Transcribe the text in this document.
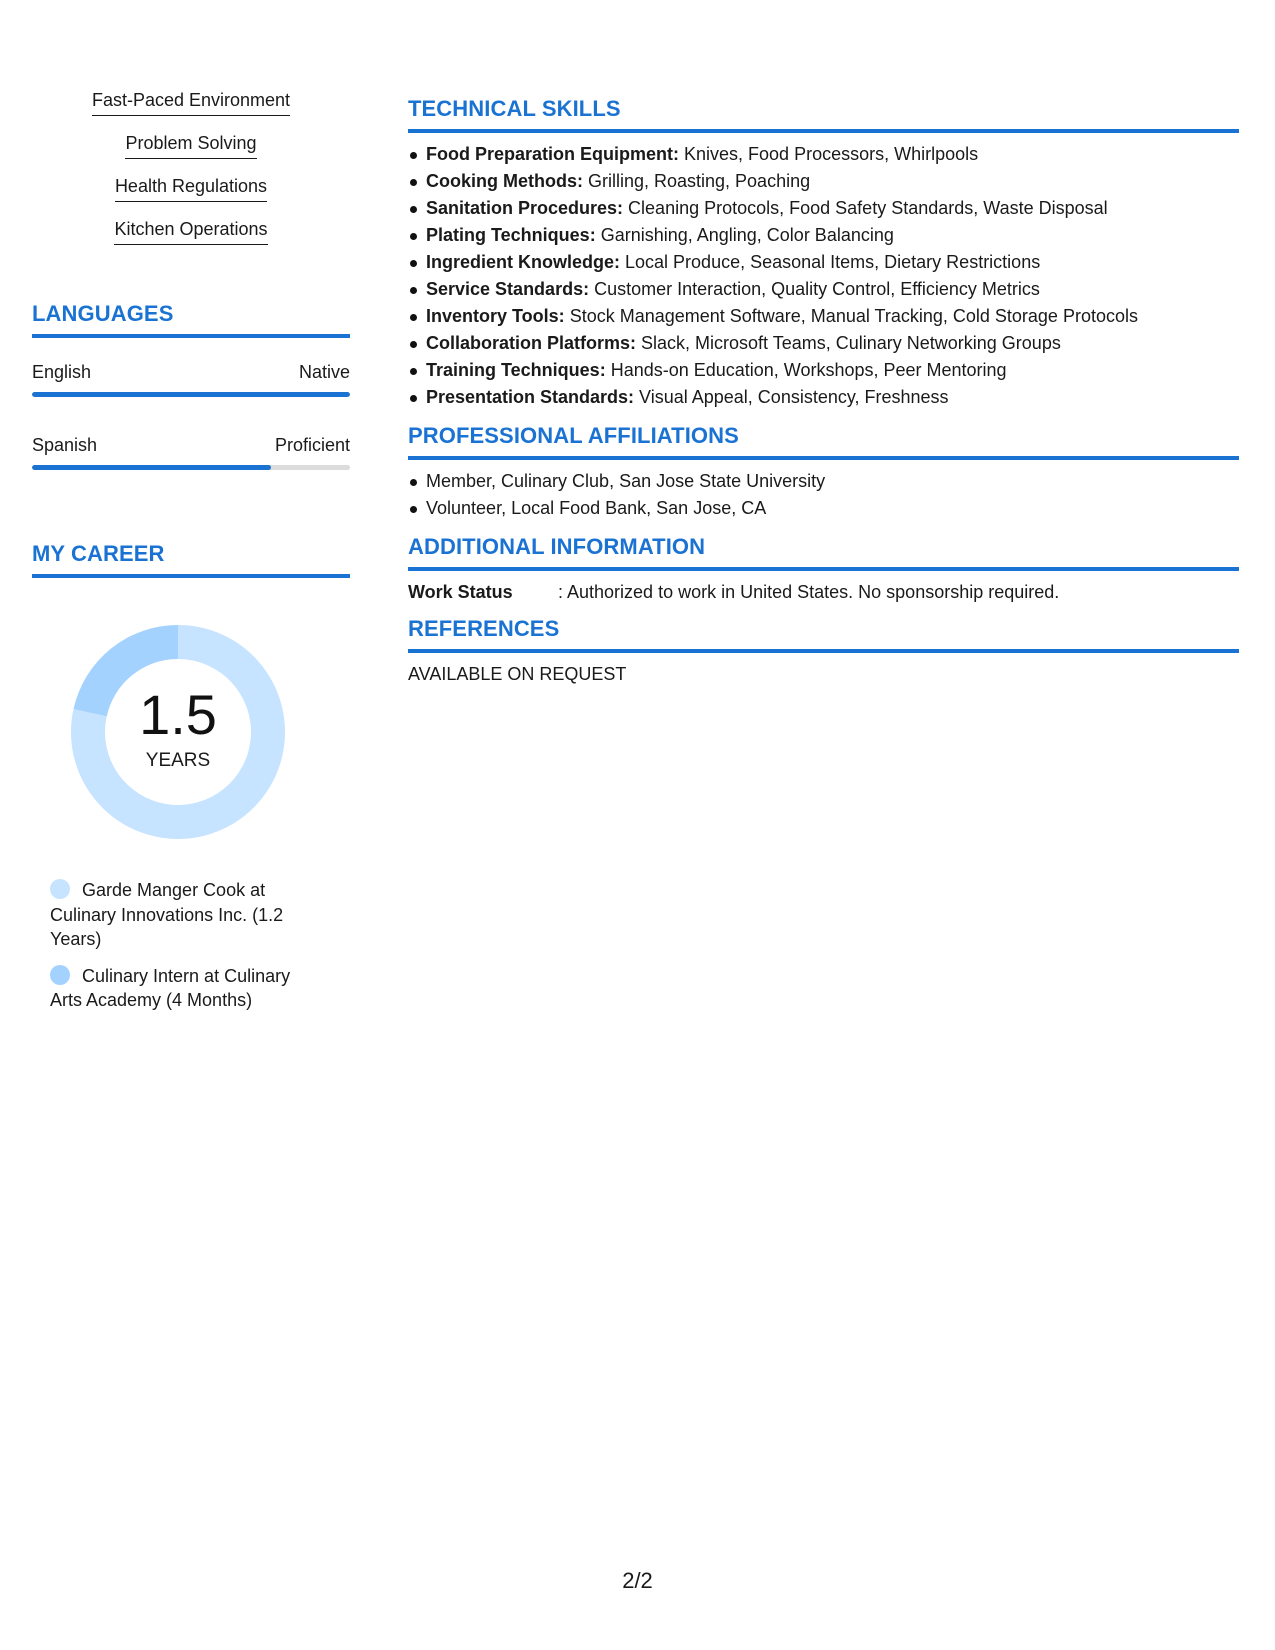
Fast-Paced Environment
Problem Solving
Health Regulations
Kitchen Operations
LANGUAGES
English	Native
Spanish	Proficient
MY CAREER
1.5
YEARS
Garde Manger Cook at Culinary Innovations Inc. (1.2 Years)
Culinary Intern at Culinary Arts Academy (4 Months)
TECHNICAL SKILLS
Food Preparation Equipment: Knives, Food Processors, Whirlpools
Cooking Methods: Grilling, Roasting, Poaching
Sanitation Procedures: Cleaning Protocols, Food Safety Standards, Waste Disposal
Plating Techniques: Garnishing, Angling, Color Balancing
Ingredient Knowledge: Local Produce, Seasonal Items, Dietary Restrictions
Service Standards: Customer Interaction, Quality Control, Efficiency Metrics
Inventory Tools: Stock Management Software, Manual Tracking, Cold Storage Protocols
Collaboration Platforms: Slack, Microsoft Teams, Culinary Networking Groups
Training Techniques: Hands-on Education, Workshops, Peer Mentoring
Presentation Standards: Visual Appeal, Consistency, Freshness
PROFESSIONAL AFFILIATIONS
Member, Culinary Club, San Jose State University
Volunteer, Local Food Bank, San Jose, CA
ADDITIONAL INFORMATION
Work Status	: Authorized to work in United States. No sponsorship required.
REFERENCES
AVAILABLE ON REQUEST
2/2
